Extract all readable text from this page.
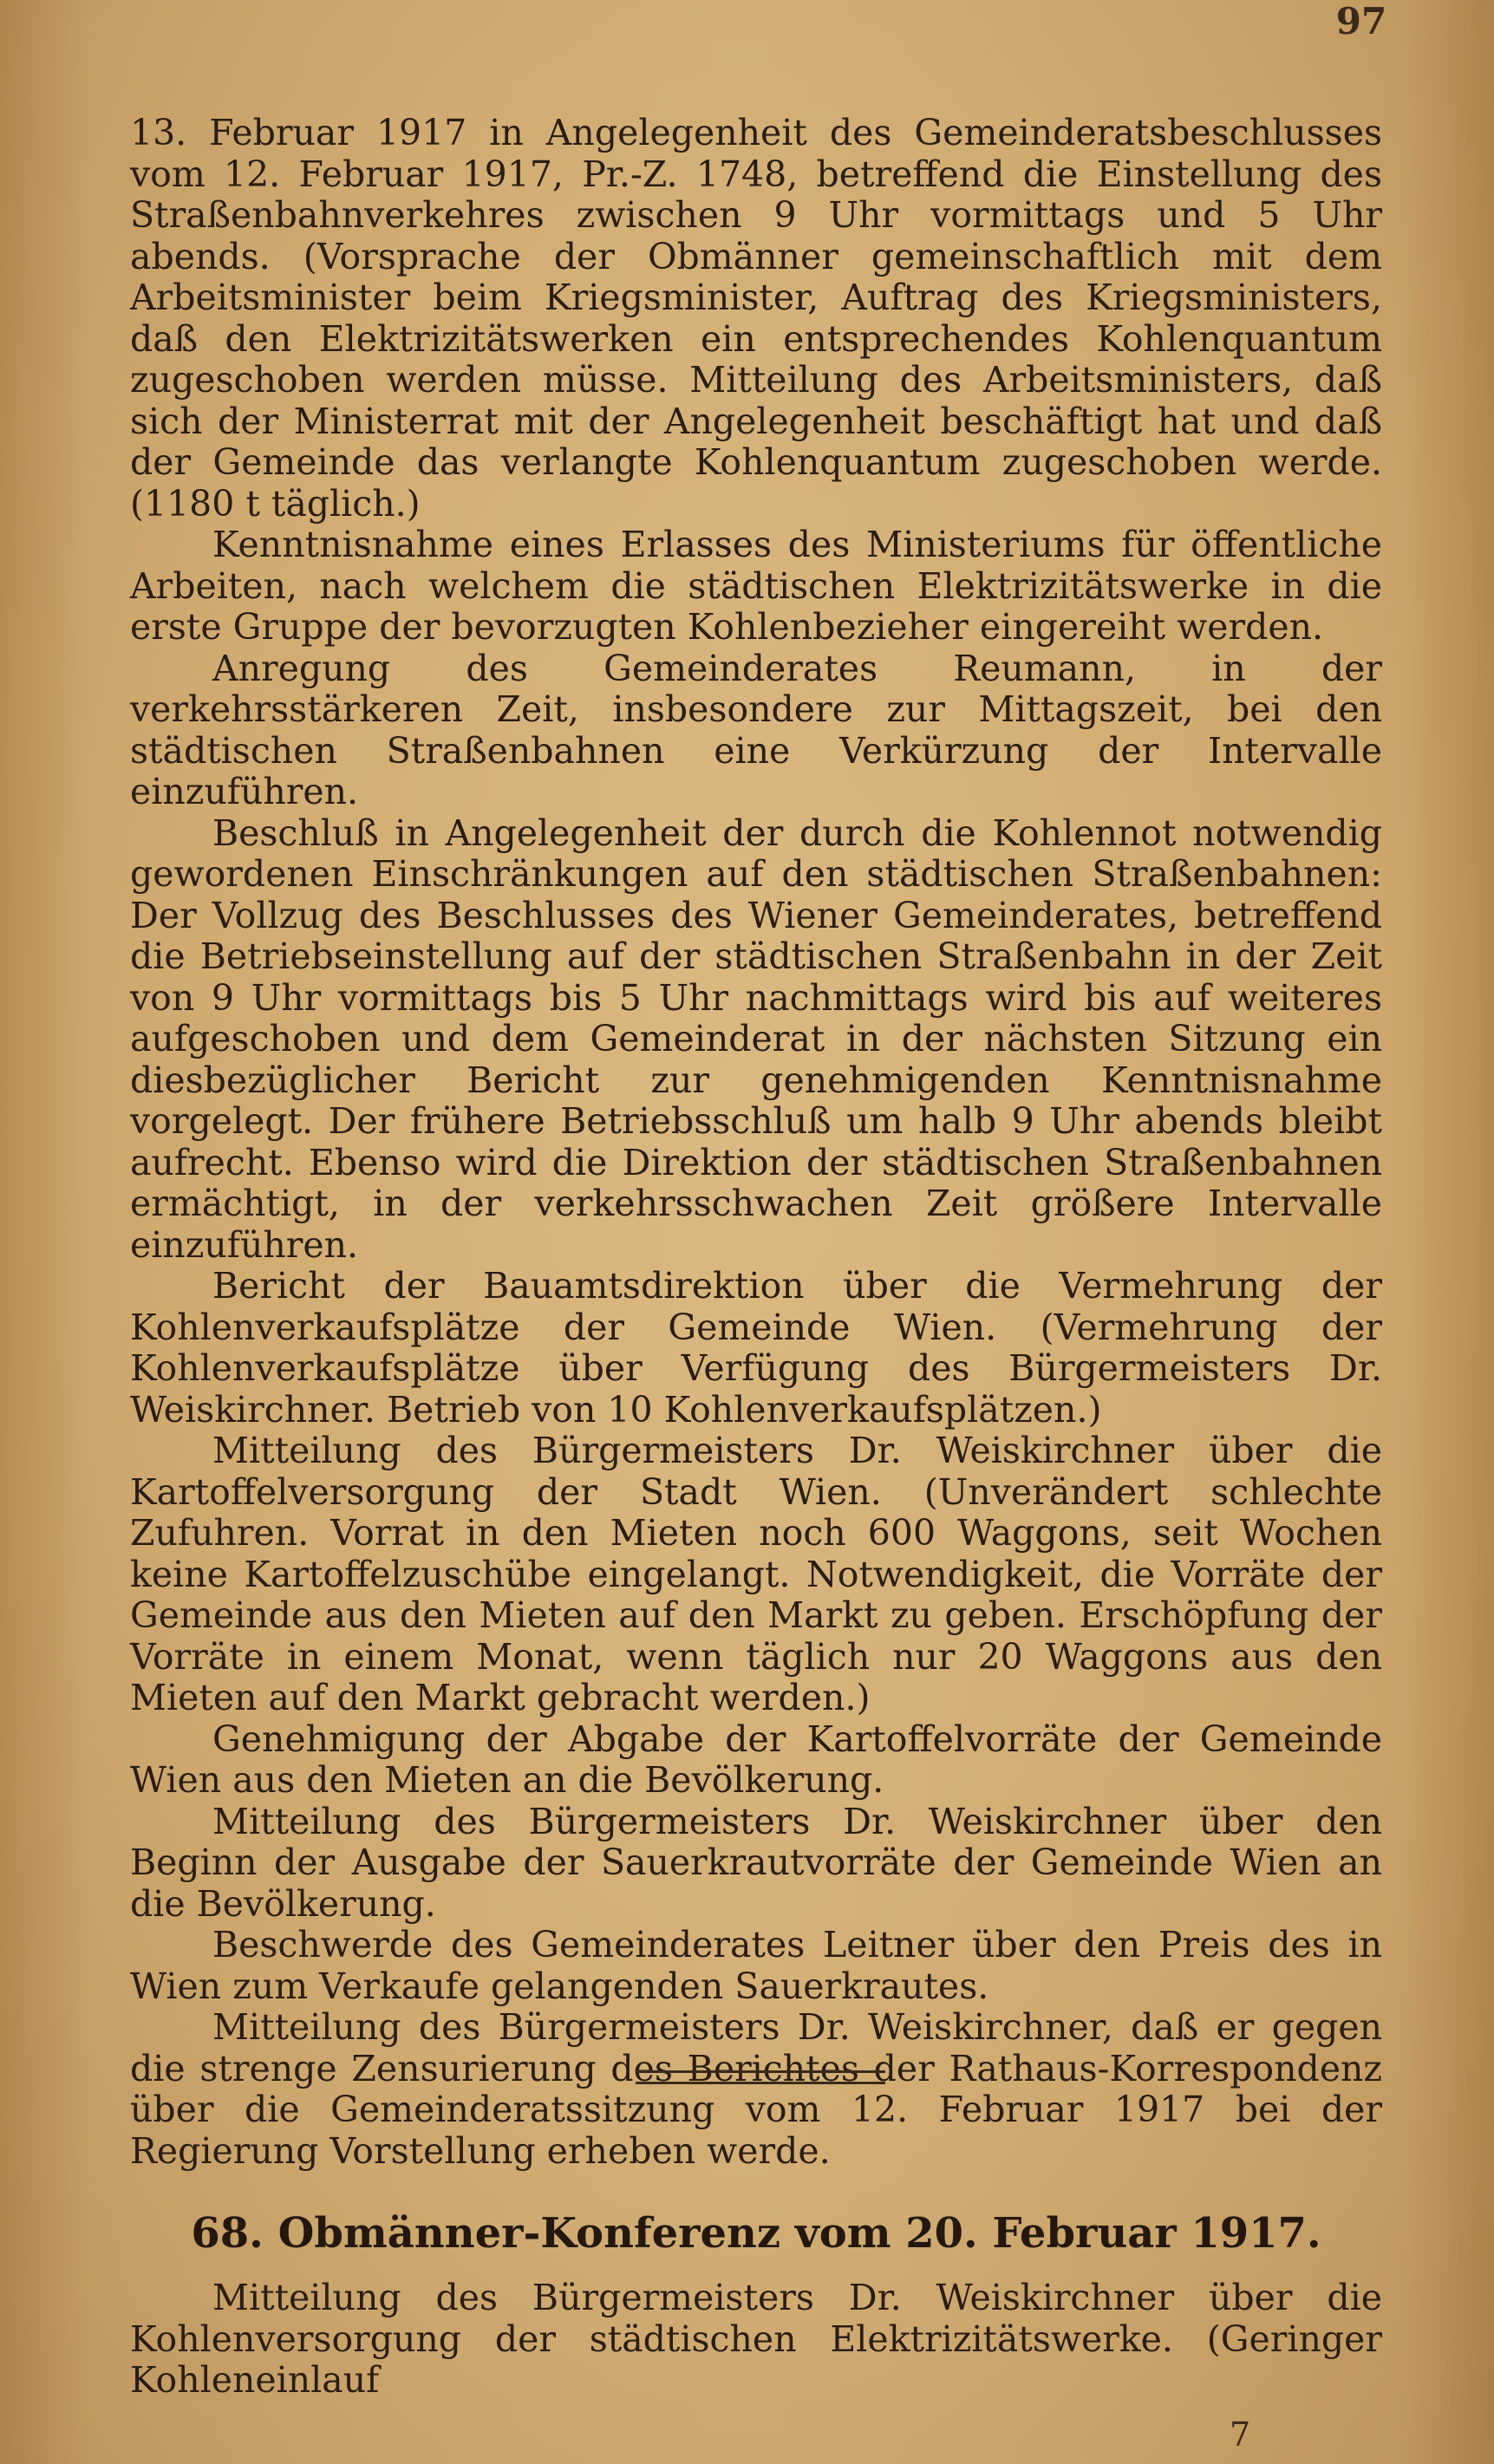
97

13. Februar 1917 in Angelegenheit des Gemeinderatsbeschlusses vom 12. Februar 1917, Pr.-Z. 1748, betreffend die Einstellung des Straßenbahnverkehres zwischen 9 Uhr vormittags und 5 Uhr abends. (Vorsprache der Obmänner gemeinschaftlich mit dem Arbeitsminister beim Kriegsminister, Auftrag des Kriegsministers, daß den Elektrizitätswerken ein entsprechendes Kohlenquantum zugeschoben werden müsse. Mitteilung des Arbeitsministers, daß sich der Ministerrat mit der Angelegenheit beschäftigt hat und daß der Gemeinde das verlangte Kohlenquantum zugeschoben werde. (1180 t täglich.)

Kenntnisnahme eines Erlasses des Ministeriums für öffentliche Arbeiten, nach welchem die städtischen Elektrizitätswerke in die erste Gruppe der bevorzugten Kohlenbezieher eingereiht werden.

Anregung des Gemeinderates Reumann, in der verkehrsstärkeren Zeit, insbesondere zur Mittagszeit, bei den städtischen Straßenbahnen eine Verkürzung der Intervalle einzuführen.

Beschluß in Angelegenheit der durch die Kohlennot notwendig gewordenen Einschränkungen auf den städtischen Straßenbahnen: Der Vollzug des Beschlusses des Wiener Gemeinderates, betreffend die Betriebseinstellung auf der städtischen Straßenbahn in der Zeit von 9 Uhr vormittags bis 5 Uhr nachmittags wird bis auf weiteres aufgeschoben und dem Gemeinderat in der nächsten Sitzung ein diesbezüglicher Bericht zur genehmigenden Kenntnisnahme vorgelegt. Der frühere Betriebsschluß um halb 9 Uhr abends bleibt aufrecht. Ebenso wird die Direktion der städtischen Straßenbahnen ermächtigt, in der verkehrsschwachen Zeit größere Intervalle einzuführen.

Bericht der Bauamtsdirektion über die Vermehrung der Kohlenverkaufsplätze der Gemeinde Wien. (Vermehrung der Kohlenverkaufsplätze über Verfügung des Bürgermeisters Dr. Weiskirchner. Betrieb von 10 Kohlenverkaufsplätzen.)

Mitteilung des Bürgermeisters Dr. Weiskirchner über die Kartoffelversorgung der Stadt Wien. (Unverändert schlechte Zufuhren. Vorrat in den Mieten noch 600 Waggons, seit Wochen keine Kartoffelzuschübe eingelangt. Notwendigkeit, die Vorräte der Gemeinde aus den Mieten auf den Markt zu geben. Erschöpfung der Vorräte in einem Monat, wenn täglich nur 20 Waggons aus den Mieten auf den Markt gebracht werden.)

Genehmigung der Abgabe der Kartoffelvorräte der Gemeinde Wien aus den Mieten an die Bevölkerung.

Mitteilung des Bürgermeisters Dr. Weiskirchner über den Beginn der Ausgabe der Sauerkrautvorräte der Gemeinde Wien an die Bevölkerung.

Beschwerde des Gemeinderates Leitner über den Preis des in Wien zum Verkaufe gelangenden Sauerkrautes.

Mitteilung des Bürgermeisters Dr. Weiskirchner, daß er gegen die strenge Zensurierung des Berichtes der Rathaus-Korrespondenz über die Gemeinderatssitzung vom 12. Februar 1917 bei der Regierung Vorstellung erheben werde.

68. Obmänner-Konferenz vom 20. Februar 1917.

Mitteilung des Bürgermeisters Dr. Weiskirchner über die Kohlenversorgung der städtischen Elektrizitätswerke. (Geringer Kohleneinlauf

7
